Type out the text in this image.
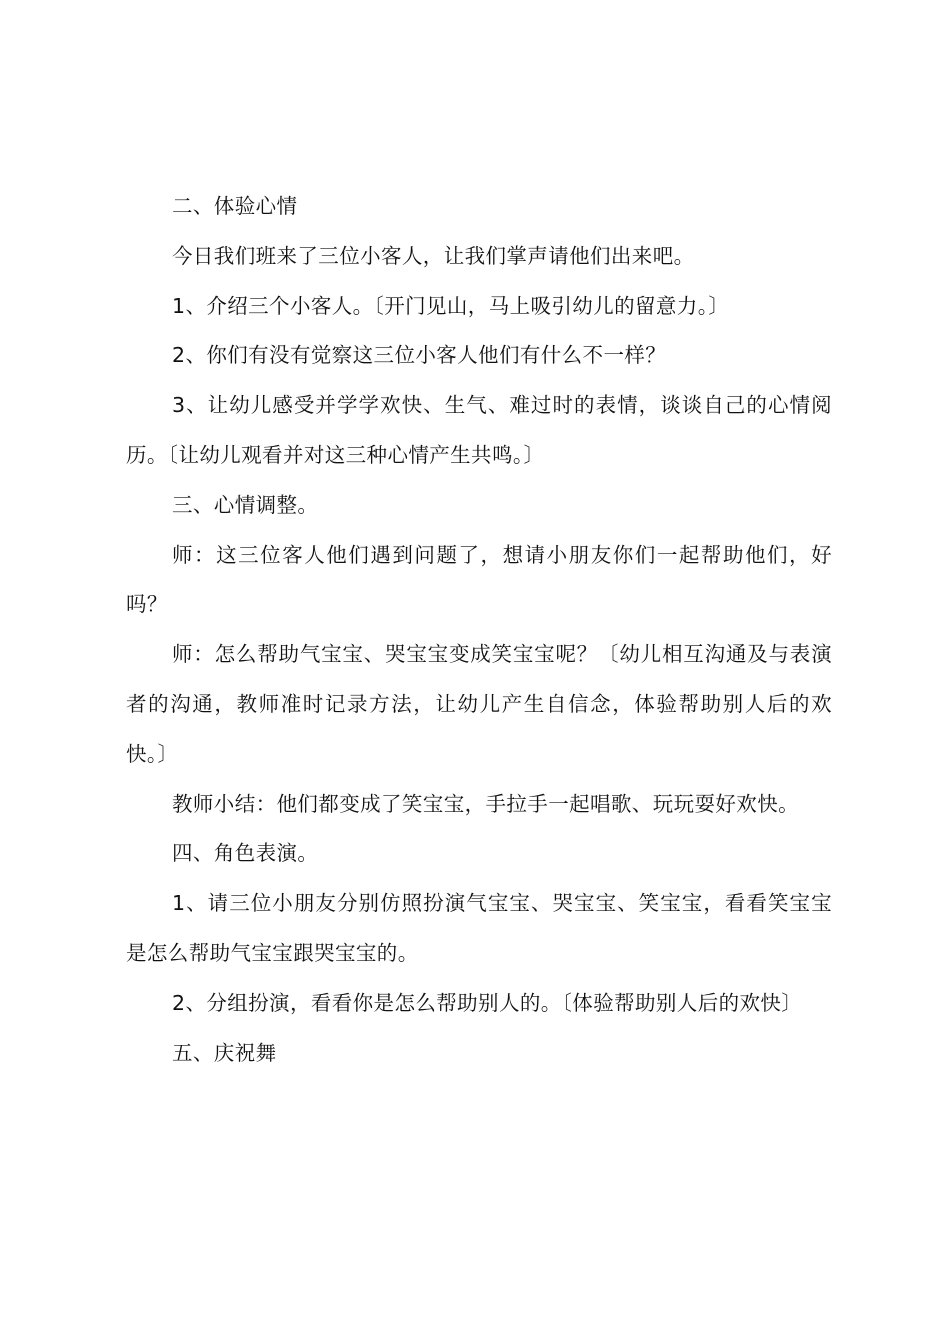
二、体验心情

今日我们班来了三位小客人，让我们掌声请他们出来吧。

1、介绍三个小客人。〔开门见山，马上吸引幼儿的留意力。〕

2、你们有没有觉察这三位小客人他们有什么不一样？

3、让幼儿感受并学学欢快、生气、难过时的表情，谈谈自己的心情阅历。〔让幼儿观看并对这三种心情产生共鸣。〕

三、心情调整。

师：这三位客人他们遇到问题了，想请小朋友你们一起帮助他们，好吗？

师：怎么帮助气宝宝、哭宝宝变成笑宝宝呢？〔幼儿相互沟通及与表演者的沟通，教师准时记录方法，让幼儿产生自信念，体验帮助别人后的欢快。〕

教师小结：他们都变成了笑宝宝，手拉手一起唱歌、玩玩耍好欢快。

四、角色表演。

1、请三位小朋友分别仿照扮演气宝宝、哭宝宝、笑宝宝，看看笑宝宝是怎么帮助气宝宝跟哭宝宝的。

2、分组扮演，看看你是怎么帮助别人的。〔体验帮助别人后的欢快〕

五、庆祝舞
